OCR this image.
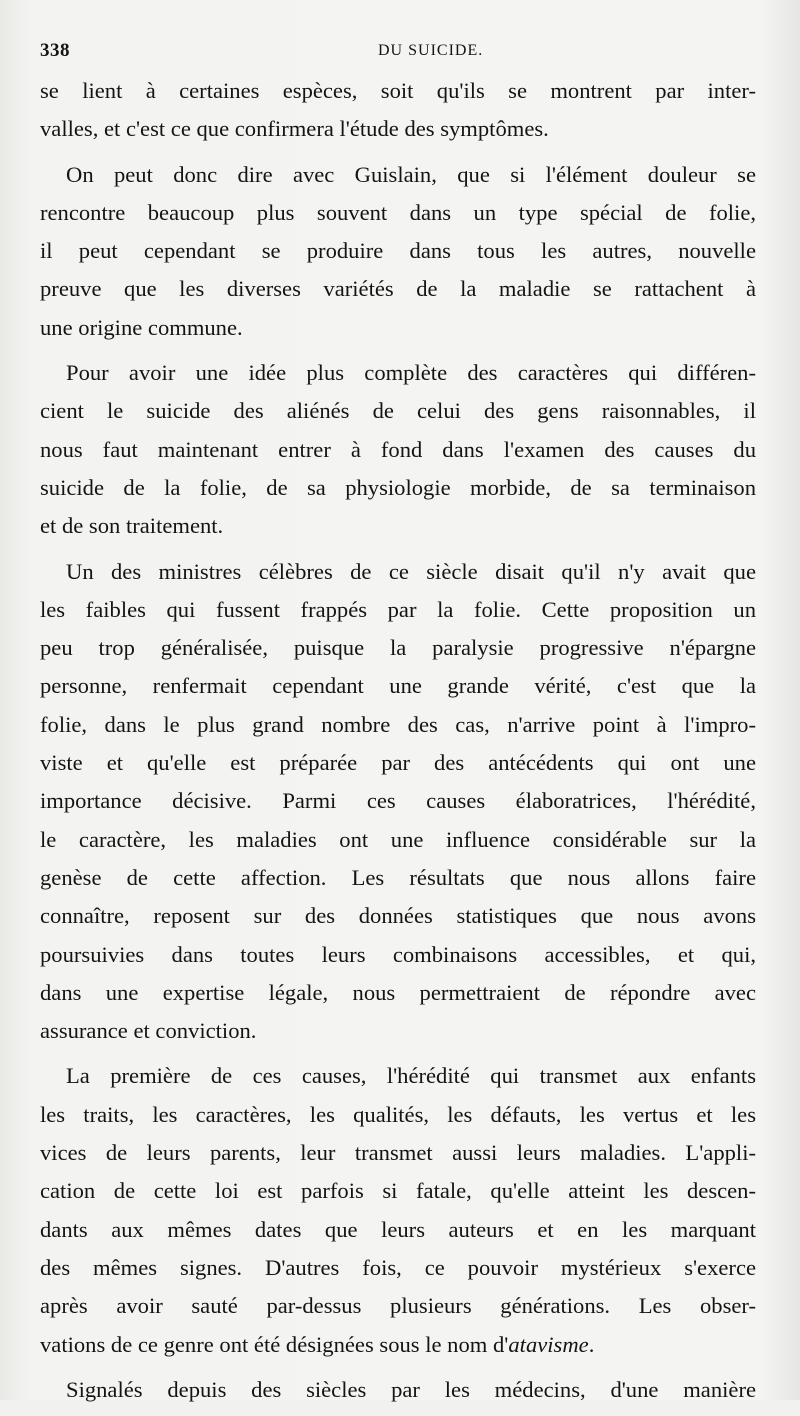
338	DU SUICIDE.
se lient à certaines espèces, soit qu'ils se montrent par inter-
valles, et c'est ce que confirmera l'étude des symptômes.
On peut donc dire avec Guislain, que si l'élément douleur se
rencontre beaucoup plus souvent dans un type spécial de folie,
il peut cependant se produire dans tous les autres, nouvelle
preuve que les diverses variétés de la maladie se rattachent à
une origine commune.
Pour avoir une idée plus complète des caractères qui différen-
cient le suicide des aliénés de celui des gens raisonnables, il
nous faut maintenant entrer à fond dans l'examen des causes du
suicide de la folie, de sa physiologie morbide, de sa terminaison
et de son traitement.
Un des ministres célèbres de ce siècle disait qu'il n'y avait que
les faibles qui fussent frappés par la folie. Cette proposition un
peu trop généralisée, puisque la paralysie progressive n'épargne
personne, renfermait cependant une grande vérité, c'est que la
folie, dans le plus grand nombre des cas, n'arrive point à l'impro-
viste et qu'elle est préparée par des antécédents qui ont une
importance décisive. Parmi ces causes élaboratrices, l'hérédité,
le caractère, les maladies ont une influence considérable sur la
genèse de cette affection. Les résultats que nous allons faire
connaître, reposent sur des données statistiques que nous avons
poursuivies dans toutes leurs combinaisons accessibles, et qui,
dans une expertise légale, nous permettraient de répondre avec
assurance et conviction.
La première de ces causes, l'hérédité qui transmet aux enfants
les traits, les caractères, les qualités, les défauts, les vertus et les
vices de leurs parents, leur transmet aussi leurs maladies. L'appli-
cation de cette loi est parfois si fatale, qu'elle atteint les descen-
dants aux mêmes dates que leurs auteurs et en les marquant
des mêmes signes. D'autres fois, ce pouvoir mystérieux s'exerce
après avoir sauté par-dessus plusieurs générations. Les obser-
vations de ce genre ont été désignées sous le nom d'atavisme.
Signalés depuis des siècles par les médecins, d'une manière
